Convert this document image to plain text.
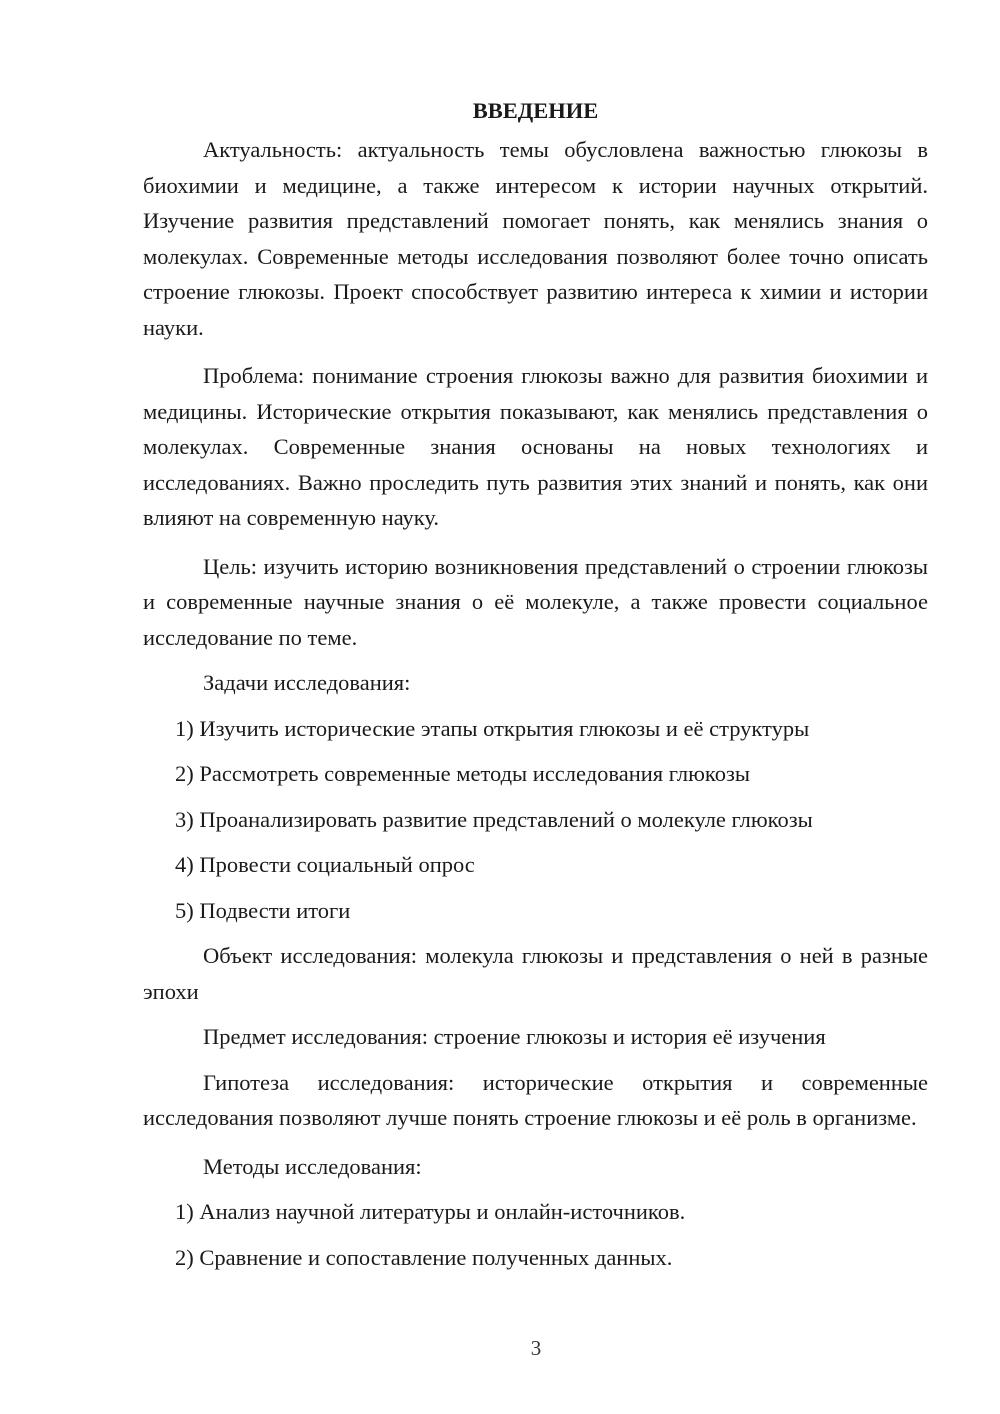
ВВЕДЕНИЕ

Актуальность: актуальность темы обусловлена важностью глюкозы в биохимии и медицине, а также интересом к истории научных открытий. Изучение развития представлений помогает понять, как менялись знания о молекулах. Современные методы исследования позволяют более точно описать строение глюкозы. Проект способствует развитию интереса к химии и истории науки.

Проблема: понимание строения глюкозы важно для развития биохимии и медицины. Исторические открытия показывают, как менялись представления о молекулах. Современные знания основаны на новых технологиях и исследованиях. Важно проследить путь развития этих знаний и понять, как они влияют на современную науку.

Цель: изучить историю возникновения представлений о строении глюкозы и современные научные знания о её молекуле, а также провести социальное исследование по теме.

Задачи исследования:

1) Изучить исторические этапы открытия глюкозы и её структуры

2) Рассмотреть современные методы исследования глюкозы

3) Проанализировать развитие представлений о молекуле глюкозы

4) Провести социальный опрос

5) Подвести итоги

Объект исследования: молекула глюкозы и представления о ней в разные эпохи

Предмет исследования: строение глюкозы и история её изучения

Гипотеза исследования: исторические открытия и современные исследования позволяют лучше понять строение глюкозы и её роль в организме.

Методы исследования:

1) Анализ научной литературы и онлайн-источников.

2) Сравнение и сопоставление полученных данных.

3
